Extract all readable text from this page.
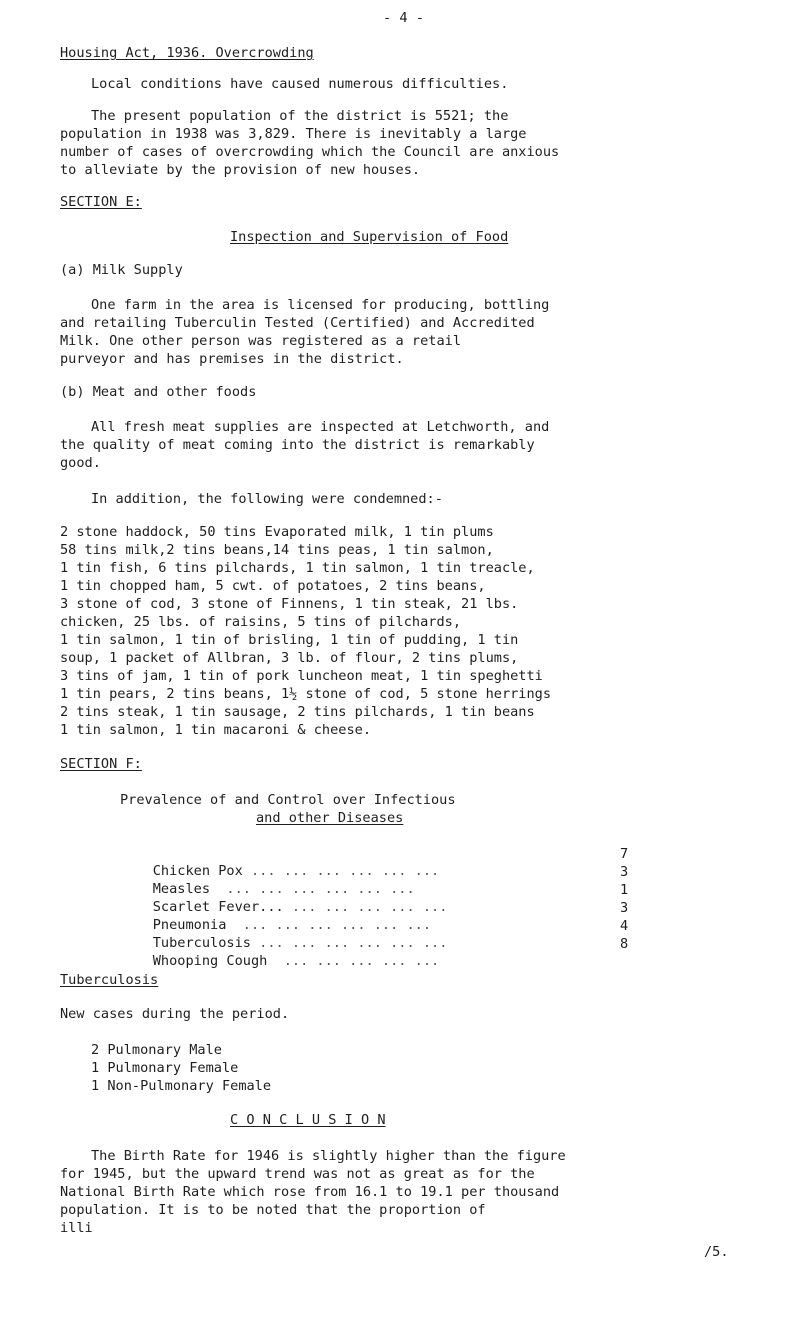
- 4 -
Housing Act, 1936. Overcrowding
Local conditions have caused numerous difficulties.
The present population of the district is 5521; the
population in 1938 was 3,829. There is inevitably a large
number of cases of overcrowding which the Council are anxious
to alleviate by the provision of new houses.
SECTION E:
Inspection and Supervision of Food
(a) Milk Supply
One farm in the area is licensed for producing, bottling
and retailing Tuberculin Tested (Certified) and Accredited
Milk. One other person was registered as a retail
purveyor and has premises in the district.
(b) Meat and other foods
All fresh meat supplies are inspected at Letchworth, and
the quality of meat coming into the district is remarkably
good.
In addition, the following were condemned:-
2 stone haddock, 50 tins Evaporated milk, 1 tin plums
58 tins milk,2 tins beans,14 tins peas, 1 tin salmon,
1 tin fish, 6 tins pilchards, 1 tin salmon, 1 tin treacle,
1 tin chopped ham, 5 cwt. of potatoes, 2 tins beans,
3 stone of cod, 3 stone of Finnens, 1 tin steak, 21 lbs.
chicken, 25 lbs. of raisins, 5 tins of pilchards,
1 tin salmon, 1 tin of brisling, 1 tin of pudding, 1 tin
soup, 1 packet of Allbran, 3 lb. of flour, 2 tins plums,
3 tins of jam, 1 tin of pork luncheon meat, 1 tin speghetti
1 tin pears, 2 tins beans, 1½ stone of cod, 5 stone herrings
2 tins steak, 1 tin sausage, 2 tins pilchards, 1 tin beans
1 tin salmon, 1 tin macaroni & cheese.
SECTION F:
Prevalence of and Control over Infectious
and other Diseases

Chicken Pox ... ... ... ... ... ...

7

Measles  ... ... ... ... ... ...

3

Scarlet Fever... ... ... ... ... ...

1

Pneumonia  ... ... ... ... ... ...

3

Tuberculosis ... ... ... ... ... ...

4

Whooping Cough  ... ... ... ... ...

8
Tuberculosis
New cases during the period.
2 Pulmonary Male
1 Pulmonary Female
1 Non-Pulmonary Female
C O N C L U S I O N
The Birth Rate for 1946 is slightly higher than the figure
for 1945, but the upward trend was not as great as for the
National Birth Rate which rose from 16.1 to 19.1 per thousand
population. It is to be noted that the proportion of
illi
/5.
